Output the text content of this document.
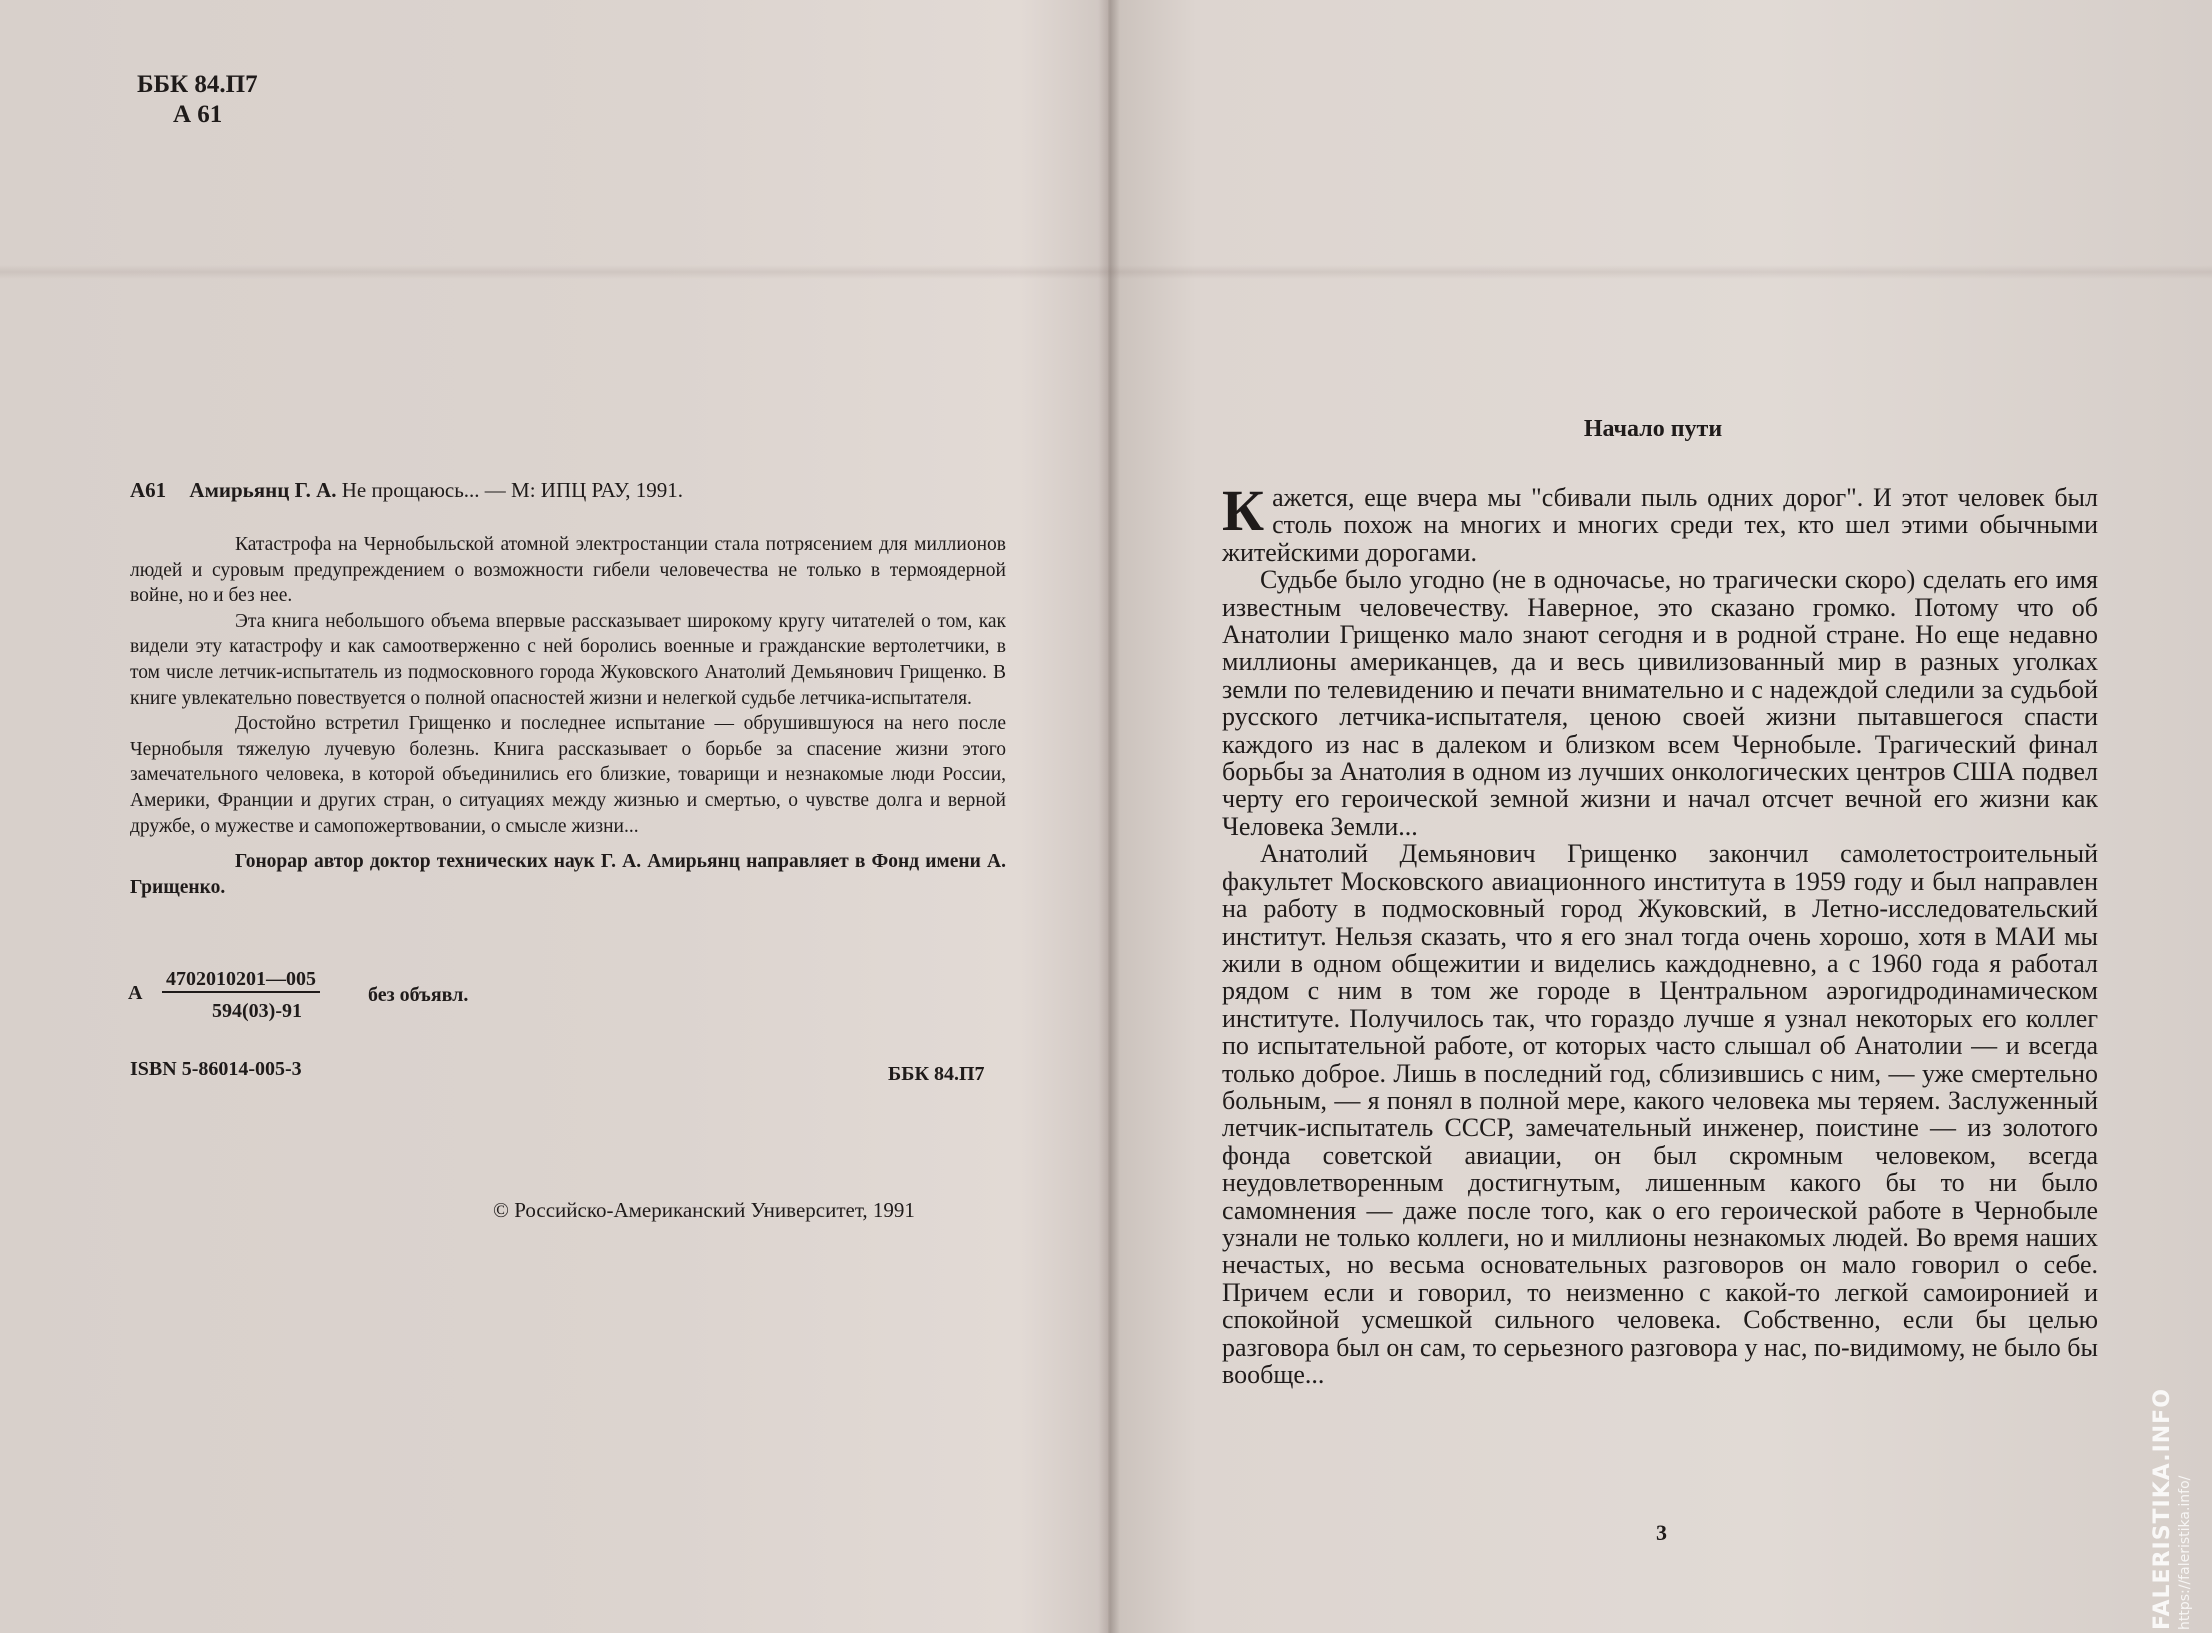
ББК 84.П7
А 61
А61 Амирьянц Г. А. Не прощаюсь... — М: ИПЦ РАУ, 1991.

Катастрофа на Чернобыльской атомной электростанции стала потрясением для миллионов людей и суровым предупреждением о возможности гибели человечества не только в термоядерной войне, но и без нее.

Эта книга небольшого объема впервые рассказывает широкому кругу читателей о том, как видели эту катастрофу и как самоотверженно с ней боролись военные и гражданские вертолетчики, в том числе летчик-испытатель из подмосковного города Жуковского Анатолий Демьянович Грищенко. В книге увлекательно повествуется о полной опасностей жизни и нелегкой судьбе летчика-испытателя.

Достойно встретил Грищенко и последнее испытание — обрушившуюся на него после Чернобыля тяжелую лучевую болезнь. Книга рассказывает о борьбе за спасение жизни этого замечательного человека, в которой объединились его близкие, товарищи и незнакомые люди России, Америки, Франции и других стран, о ситуациях между жизнью и смертью, о чувстве долга и верной дружбе, о мужестве и самопожертвовании, о смысле жизни...

Гонорар автор доктор технических наук Г. А. Амирьянц направляет в Фонд имени А. Грищенко.

А
4702010201—005
594(03)-91
без объявл.
ISBN 5-86014-005-3	ББК 84.П7
© Российско-Американский Университет, 1991
Начало пути

Кажется, еще вчера мы "сбивали пыль одних дорог". И этот человек был столь похож на многих и многих среди тех, кто шел этими обычными житейскими дорогами.

Судьбе было угодно (не в одночасье, но трагически скоро) сделать его имя известным человечеству. Наверное, это сказано громко. Потому что об Анатолии Грищенко мало знают сегодня и в родной стране. Но еще недавно миллионы американцев, да и весь цивилизованный мир в разных уголках земли по телевидению и печати внимательно и с надеждой следили за судьбой русского летчика-испытателя, ценою своей жизни пытавшегося спасти каждого из нас в далеком и близком всем Чернобыле. Трагический финал борьбы за Анатолия в одном из лучших онкологических центров США подвел черту его героической земной жизни и начал отсчет вечной его жизни как Человека Земли...

Анатолий Демьянович Грищенко закончил самолетостроительный факультет Московского авиационного института в 1959 году и был направлен на работу в подмосковный город Жуковский, в Летно-исследовательский институт. Нельзя сказать, что я его знал тогда очень хорошо, хотя в МАИ мы жили в одном общежитии и виделись каждодневно, а с 1960 года я работал рядом с ним в том же городе в Центральном аэрогидродинамическом институте. Получилось так, что гораздо лучше я узнал некоторых его коллег по испытательной работе, от которых часто слышал об Анатолии — и всегда только доброе. Лишь в последний год, сблизившись с ним, — уже смертельно больным, — я понял в полной мере, какого человека мы теряем. Заслуженный летчик-испытатель СССР, замечательный инженер, поистине — из золотого фонда советской авиации, он был скромным человеком, всегда неудовлетворенным достигнутым, лишенным какого бы то ни было самомнения — даже после того, как о его героической работе в Чернобыле узнали не только коллеги, но и миллионы незнакомых людей. Во время наших нечастых, но весьма основательных разговоров он мало говорил о себе. Причем если и говорил, то неизменно с какой-то легкой самоиронией и спокойной усмешкой сильного человека. Собственно, если бы целью разговора был он сам, то серьезного разговора у нас, по-видимому, не было бы вообще...

3	FALERISTIKA.INFO https://faleristika.info/
